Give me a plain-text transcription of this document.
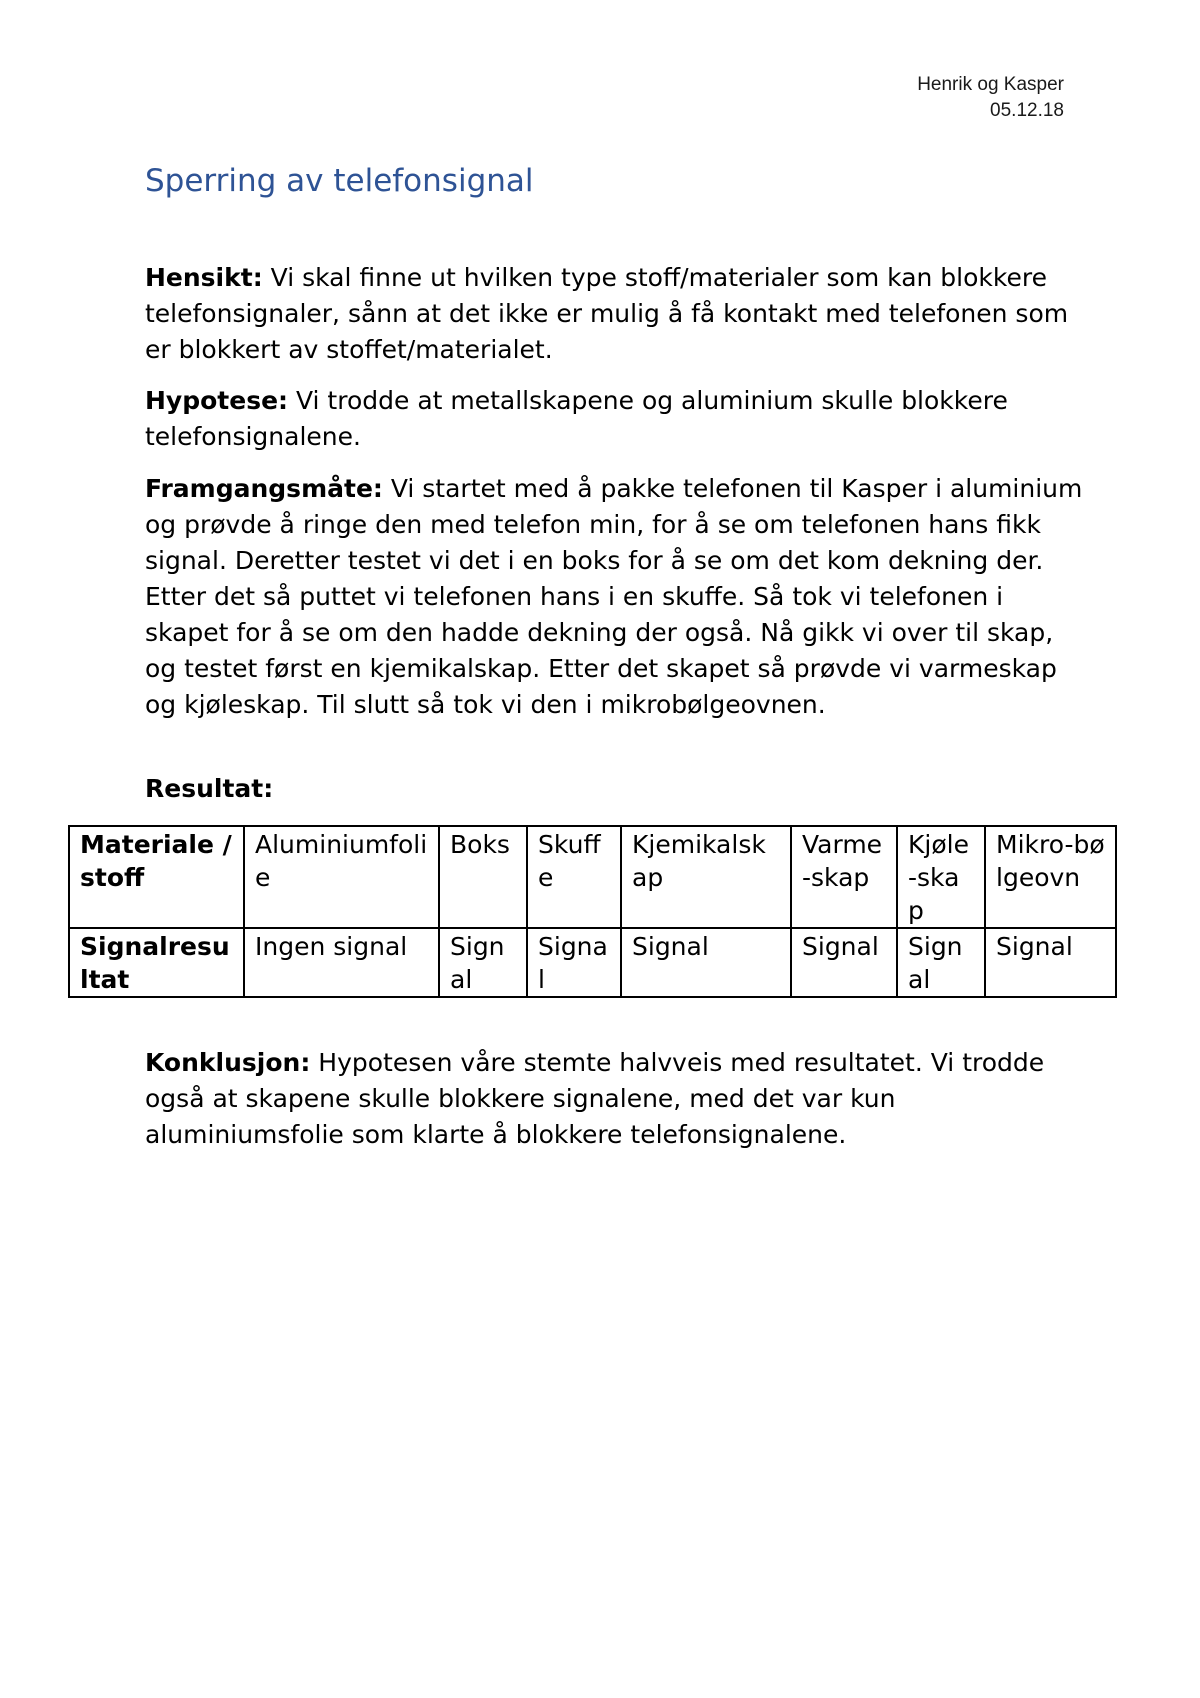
Henrik og Kasper
05.12.18
Sperring av telefonsignal

Hensikt: Vi skal finne ut hvilken type stoff/materialer som kan blokkere telefonsignaler, sånn at det ikke er mulig å få kontakt med telefonen som er blokkert av stoffet/materialet.

Hypotese: Vi trodde at metallskapene og aluminium skulle blokkere telefonsignalene.

Framgangsmåte: Vi startet med å pakke telefonen til Kasper i aluminium og prøvde å ringe den med telefon min, for å se om telefonen hans fikk signal. Deretter testet vi det i en boks for å se om det kom dekning der. Etter det så puttet vi telefonen hans i en skuffe. Så tok vi telefonen i skapet for å se om den hadde dekning der også. Nå gikk vi over til skap, og testet først en kjemikalskap. Etter det skapet så prøvde vi varmeskap og kjøleskap. Til slutt så tok vi den i mikrobølgeovnen.

Resultat:

Materiale / stoff	Aluminiumfolie	Boks	Skuffe	Kjemikalskap	Varme-skap	Kjøle-skap	Mikro-bølgeovn
Signalresultat	Ingen signal	Signal	Signal	Signal	Signal	Signal	Signal

Konklusjon: Hypotesen våre stemte halvveis med resultatet. Vi trodde også at skapene skulle blokkere signalene, med det var kun aluminiumsfolie som klarte å blokkere telefonsignalene.
